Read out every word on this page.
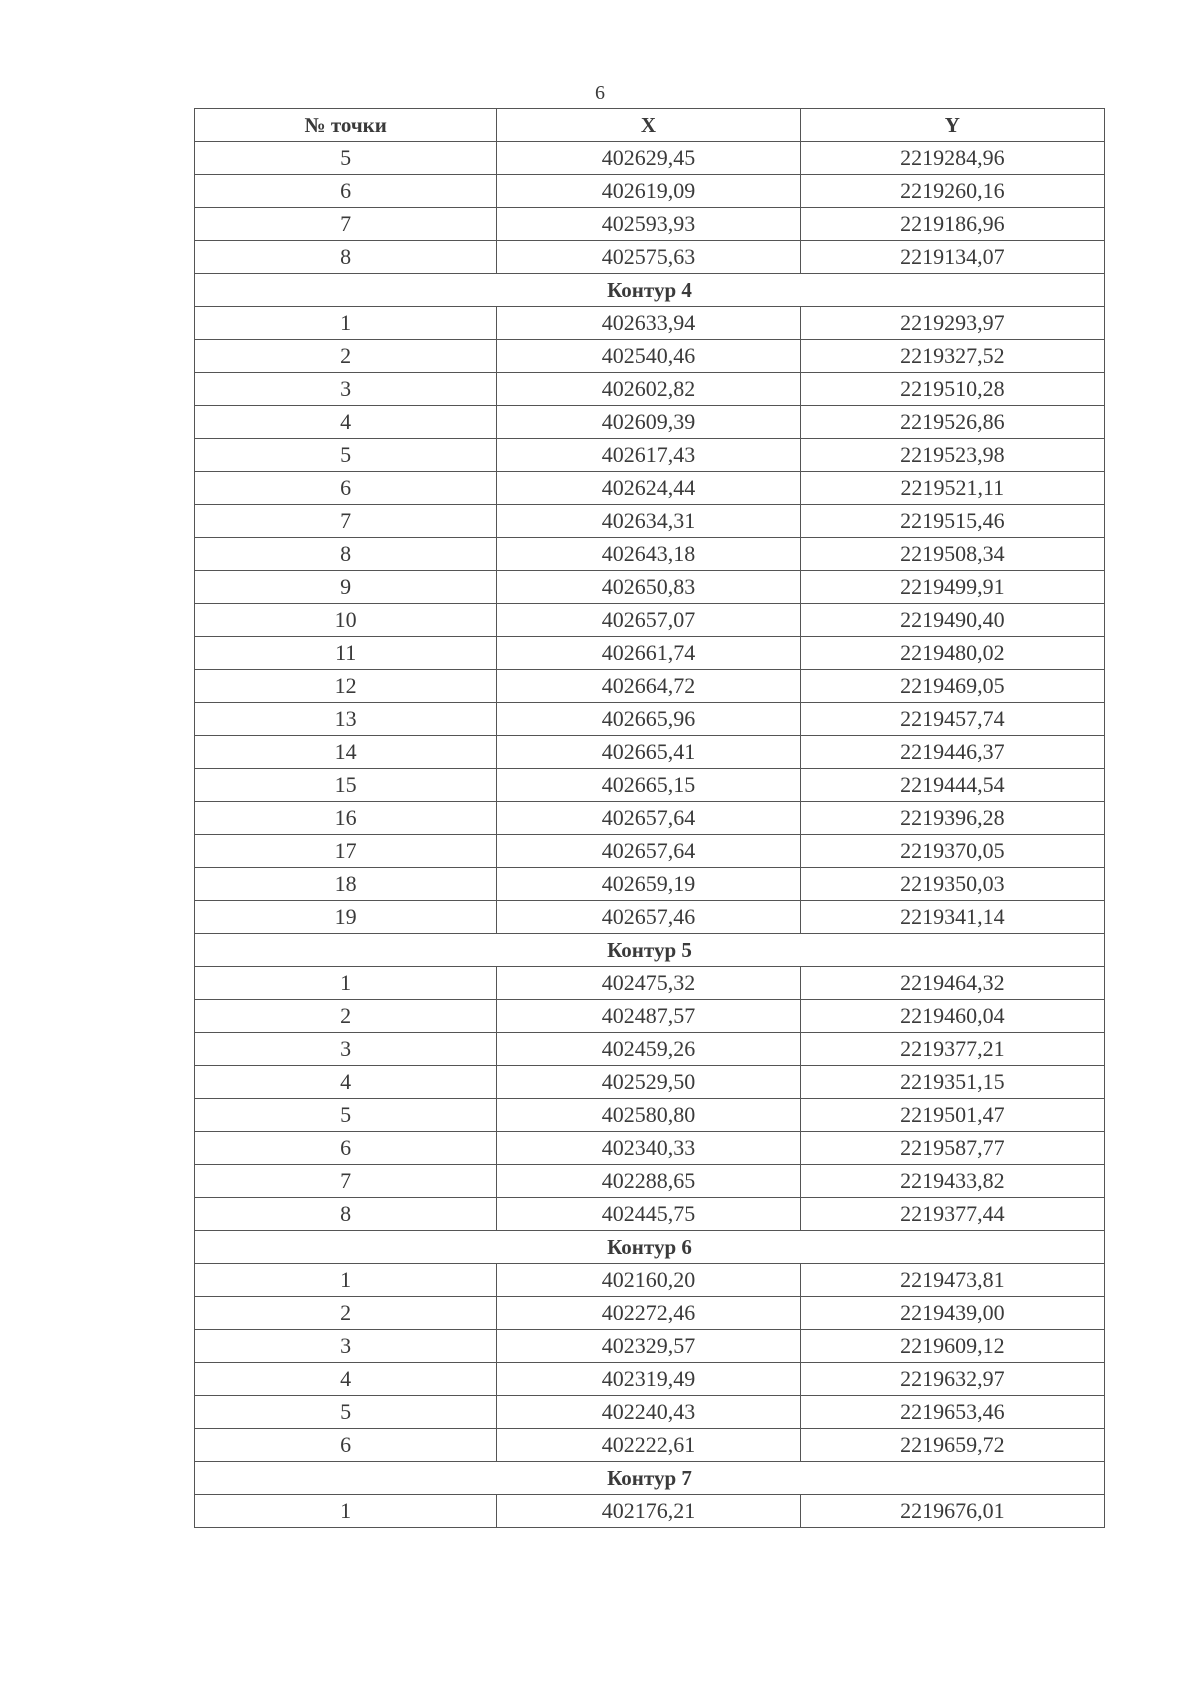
6
№ точки	X	Y
5	402629,45	2219284,96
6	402619,09	2219260,16
7	402593,93	2219186,96
8	402575,63	2219134,07
Контур 4		
1	402633,94	2219293,97
2	402540,46	2219327,52
3	402602,82	2219510,28
4	402609,39	2219526,86
5	402617,43	2219523,98
6	402624,44	2219521,11
7	402634,31	2219515,46
8	402643,18	2219508,34
9	402650,83	2219499,91
10	402657,07	2219490,40
11	402661,74	2219480,02
12	402664,72	2219469,05
13	402665,96	2219457,74
14	402665,41	2219446,37
15	402665,15	2219444,54
16	402657,64	2219396,28
17	402657,64	2219370,05
18	402659,19	2219350,03
19	402657,46	2219341,14
Контур 5		
1	402475,32	2219464,32
2	402487,57	2219460,04
3	402459,26	2219377,21
4	402529,50	2219351,15
5	402580,80	2219501,47
6	402340,33	2219587,77
7	402288,65	2219433,82
8	402445,75	2219377,44
Контур 6		
1	402160,20	2219473,81
2	402272,46	2219439,00
3	402329,57	2219609,12
4	402319,49	2219632,97
5	402240,43	2219653,46
6	402222,61	2219659,72
Контур 7		
1	402176,21	2219676,01
